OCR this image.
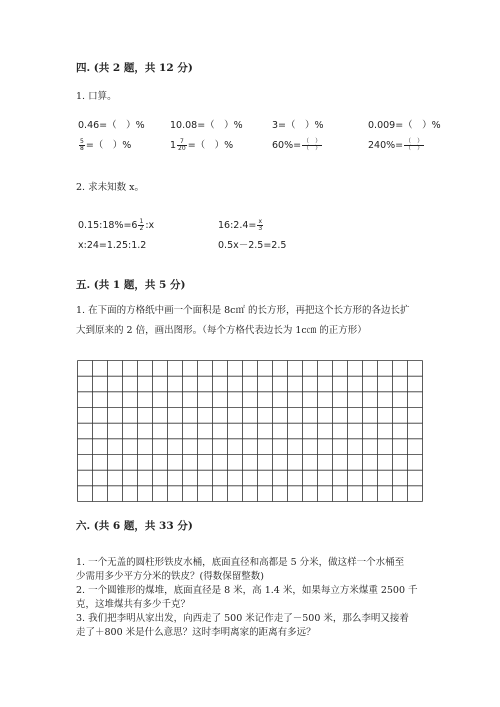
四. (共 2 题，共 12 分)
1. 口算。
0.46=（　）%	10.08=（　）%	3=（　）%	0.009=（　）%
$\frac{5}{8}$ =（　）%	$1 \frac{7}{20}$ =（　）%	$60\%= \frac{( )}{( )}$	$240\%= \frac{( )}{( )}$
2. 求未知数 x。
0.15:18%=6 $\frac{1}{2}$ :x	16:2.4= $\frac{x}{3}$
x:24=1.25:1.2	0.5x－2.5=2.5
五. (共 1 题，共 5 分)
1. 在下面的方格纸中画一个面积是 8c㎡ 的长方形，再把这个长方形的各边长扩
大到原来的 2 倍，画出图形。（每个方格代表边长为 1c㎝ 的正方形）
六. (共 6 题，共 33 分)
1. 一个无盖的圆柱形铁皮水桶，底面直径和高都是 5 分米，做这样一个水桶至
少需用多少平方分米的铁皮？(得数保留整数)
2. 一个圆锥形的煤堆，底面直径是 8 米，高 1.4 米，如果每立方米煤重 2500 千
克，这堆煤共有多少千克？
3. 我们把李明从家出发，向西走了 500 米记作走了－500 米，那么李明又接着
走了＋800 米是什么意思？这时李明离家的距离有多远？
